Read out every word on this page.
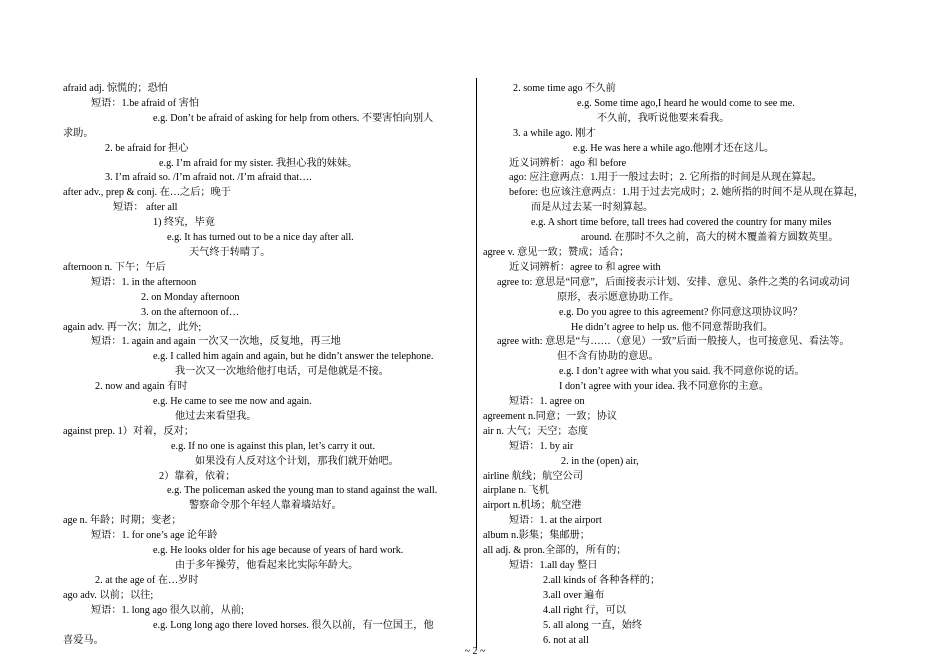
afraid adj. 惊慌的；恐怕
短语：1.be afraid of 害怕
e.g. Don’t be afraid of asking for help from others. 不要害怕向别人
求助。
2. be afraid for 担心
e.g. I’m afraid for my sister. 我担心我的妹妹。
3. I’m afraid so. /I’m afraid not. /I’m afraid that….
after adv., prep & conj. 在…之后；晚于
短语： after all
1) 终究，毕竟
e.g. It has turned out to be a nice day after all.
天气终于转晴了。
afternoon n. 下午；午后
短语：1. in the afternoon
2. on Monday afternoon
3. on the afternoon of…
again adv. 再一次；加之，此外;
短语：1. again and again 一次又一次地，反复地，再三地
e.g. I called him again and again, but he didn’t answer the telephone.
我一次又一次地给他打电话，可是他就是不接。
2. now and again 有时
e.g. He came to see me now and again.
他过去来看望我。
against prep. 1）对着，反对；
e.g. If no one is against this plan, let’s carry it out.
如果没有人反对这个计划，那我们就开始吧。
2）靠着，依着；
e.g. The policeman asked the young man to stand against the wall.
警察命令那个年轻人靠着墙站好。
age n. 年龄；时期；变老；
短语：1. for one’s age 论年龄
e.g. He looks older for his age because of years of hard work.
由于多年操劳，他看起来比实际年龄大。
2. at the age of 在…岁时
ago adv. 以前；以往;
短语：1. long ago 很久以前，从前;
e.g. Long long ago there loved horses. 很久以前，有一位国王，他
喜爱马。
2. some time ago 不久前
e.g. Some time ago,I heard he would come to see me.
不久前，我听说他要来看我。
3. a while ago. 刚才
e.g. He was here a while ago.他刚才还在这儿。
近义词辨析：ago 和 before
ago: 应注意两点：1.用于一般过去时；2. 它所指的时间是从现在算起。
before: 也应该注意两点：1.用于过去完成时；2. 她所指的时间不是从现在算起，
而是从过去某一时刻算起。
e.g. A short time before, tall trees had covered the country for many miles
around. 在那时不久之前，高大的树木覆盖着方圆数英里。
agree v. 意见一致；赞成；适合；
近义词辨析：agree to 和 agree with
agree to: 意思是“同意”，后面接表示计划、安排、意见、条件之类的名词或动词
原形，表示愿意协助工作。
e.g. Do you agree to this agreement? 你同意这项协议吗？
He didn’t agree to help us. 他不同意帮助我们。
agree with: 意思是“与……（意见）一致”后面一般接人，也可接意见、看法等。
但不含有协助的意思。
e.g. I don’t agree with what you said. 我不同意你说的话。
I don’t agree with your idea. 我不同意你的主意。
短语：1. agree on
agreement n.同意；一致；协议
air n. 大气；天空；态度
短语：1. by air
2. in the (open) air,
airline 航线；航空公司
airplane n. 飞机
airport n.机场；航空港
短语：1. at the airport
album n.影集；集邮册；
all adj. & pron.全部的，所有的；
短语：1.all day 整日
2.all kinds of 各种各样的；
3.all over 遍布
4.all right 行，可以
5. all along 一直，始终
6. not at all
~ 2 ~
